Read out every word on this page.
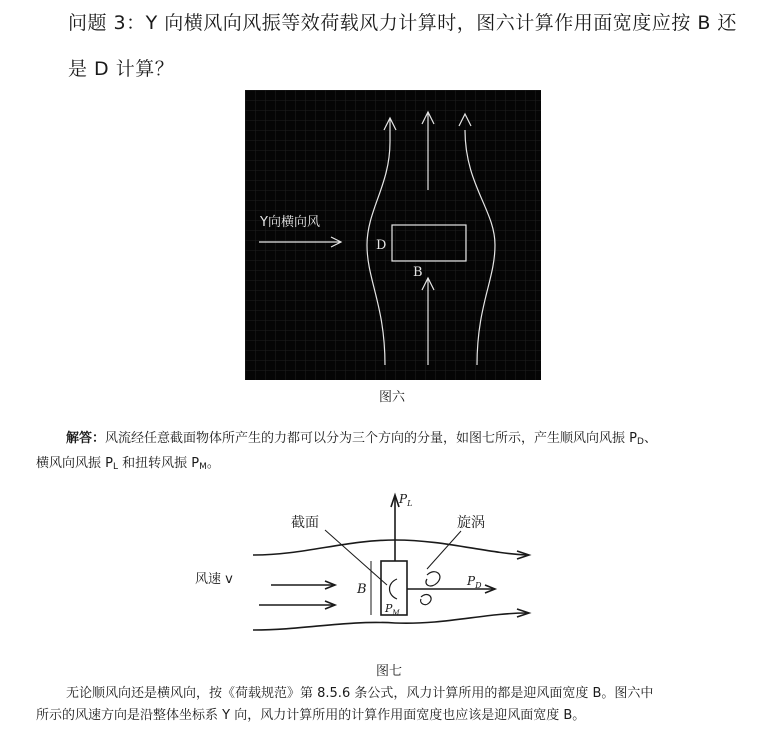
问题 3：Y 向横风向风振等效荷载风力计算时，图六计算作用面宽度应按 B 还
是 D 计算？
Y向横向风
D
B
图六
解答：风流经任意截面物体所产生的力都可以分为三个方向的分量，如图七所示，产生顺风向风振 $P_D$、
横风向风振 $P_L$ 和扭转风振 $P_M$。
$P_L$
截面	旋涡
风速 v
B
$P_D$
$P_M$
图七
无论顺风向还是横风向，按《荷载规范》第 8.5.6 条公式，风力计算所用的都是迎风面宽度 B。图六中
所示的风速方向是沿整体坐标系 Y 向，风力计算所用的计算作用面宽度也应该是迎风面宽度 B。
